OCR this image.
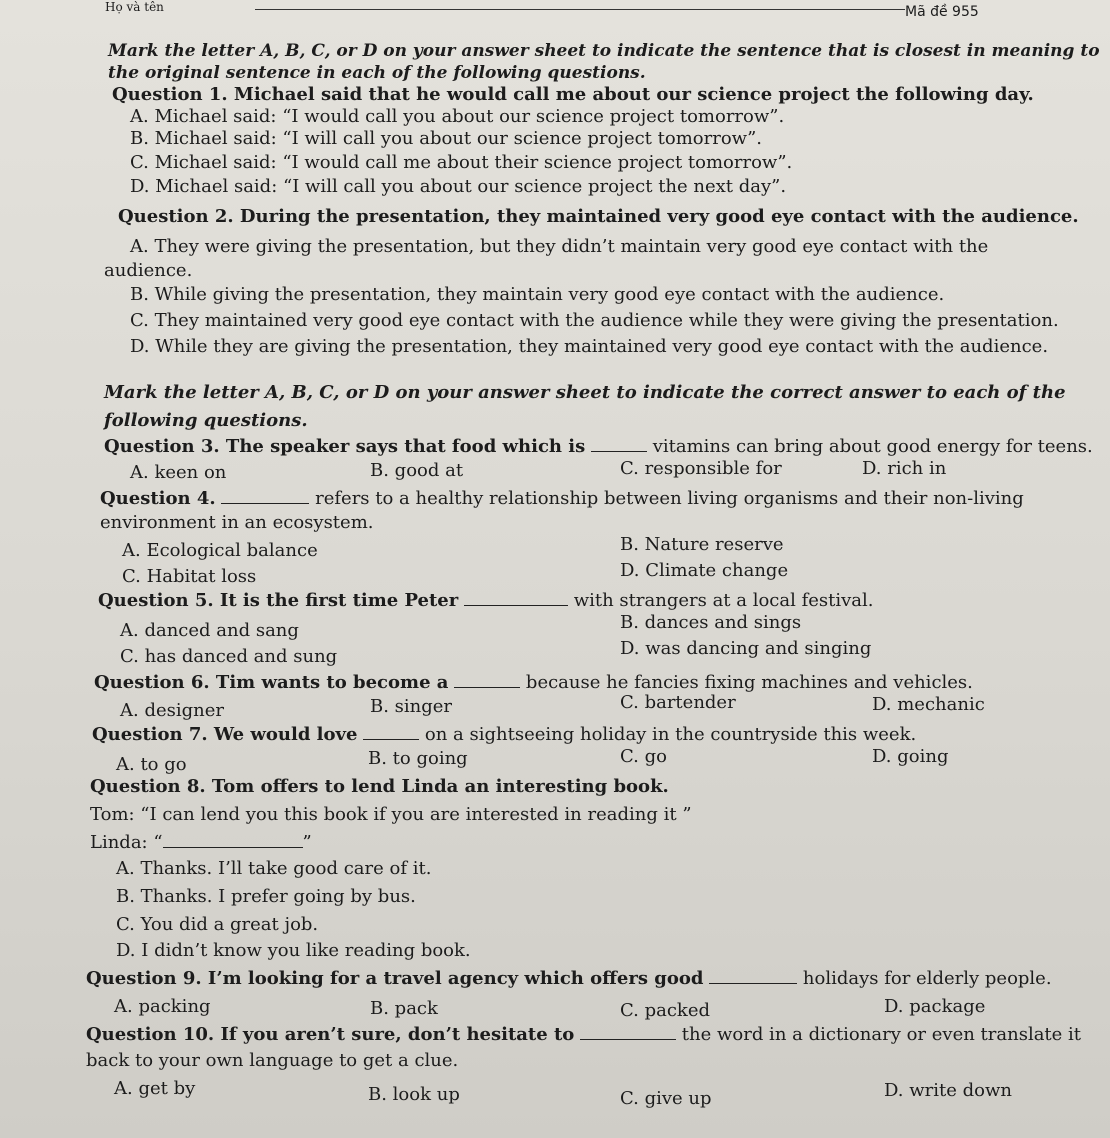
Họ và tên	Mã đề 955
Mark the letter A, B, C, or D on your answer sheet to indicate the sentence that is closest in meaning to
the original sentence in each of the following questions.
Question 1. Michael said that he would call me about our science project the following day.
A. Michael said: “I would call you about our science project tomorrow”.
B. Michael said: “I will call you about our science project tomorrow”.
C. Michael said: “I would call me about their science project tomorrow”.
D. Michael said: “I will call you about our science project the next day”.
Question 2. During the presentation, they maintained very good eye contact with the audience.
A. They were giving the presentation, but they didn’t maintain very good eye contact with the
audience.
B. While giving the presentation, they maintain very good eye contact with the audience.
C. They maintained very good eye contact with the audience while they were giving the presentation.
D. While they are giving the presentation, they maintained very good eye contact with the audience.
Mark the letter A, B, C, or D on your answer sheet to indicate the correct answer to each of the
following questions.
Question 3. The speaker says that food which is	vitamins can bring about good energy for teens.
A. keen on	B. good at	C. responsible for	D. rich in
Question 4.	refers to a healthy relationship between living organisms and their non-living
environment in an ecosystem.
A. Ecological balance	B. Nature reserve
C. Habitat loss	D. Climate change
Question 5. It is the first time Peter	with strangers at a local festival.
A. danced and sang	B. dances and sings
C. has danced and sung	D. was dancing and singing
Question 6. Tim wants to become a	because he fancies fixing machines and vehicles.
A. designer	B. singer	C. bartender	D. mechanic
Question 7. We would love	on a sightseeing holiday in the countryside this week.
A. to go	B. to going	C. go	D. going
Question 8. Tom offers to lend Linda an interesting book.
Tom: “I can lend you this book if you are interested in reading it ”
Linda: “	”
A. Thanks. I’ll take good care of it.
B. Thanks. I prefer going by bus.
C. You did a great job.
D. I didn’t know you like reading book.
Question 9. I’m looking for a travel agency which offers good	holidays for elderly people.
A. packing	B. pack	C. packed	D. package
Question 10. If you aren’t sure, don’t hesitate to	the word in a dictionary or even translate it
back to your own language to get a clue.
A. get by	B. look up	C. give up	D. write down
